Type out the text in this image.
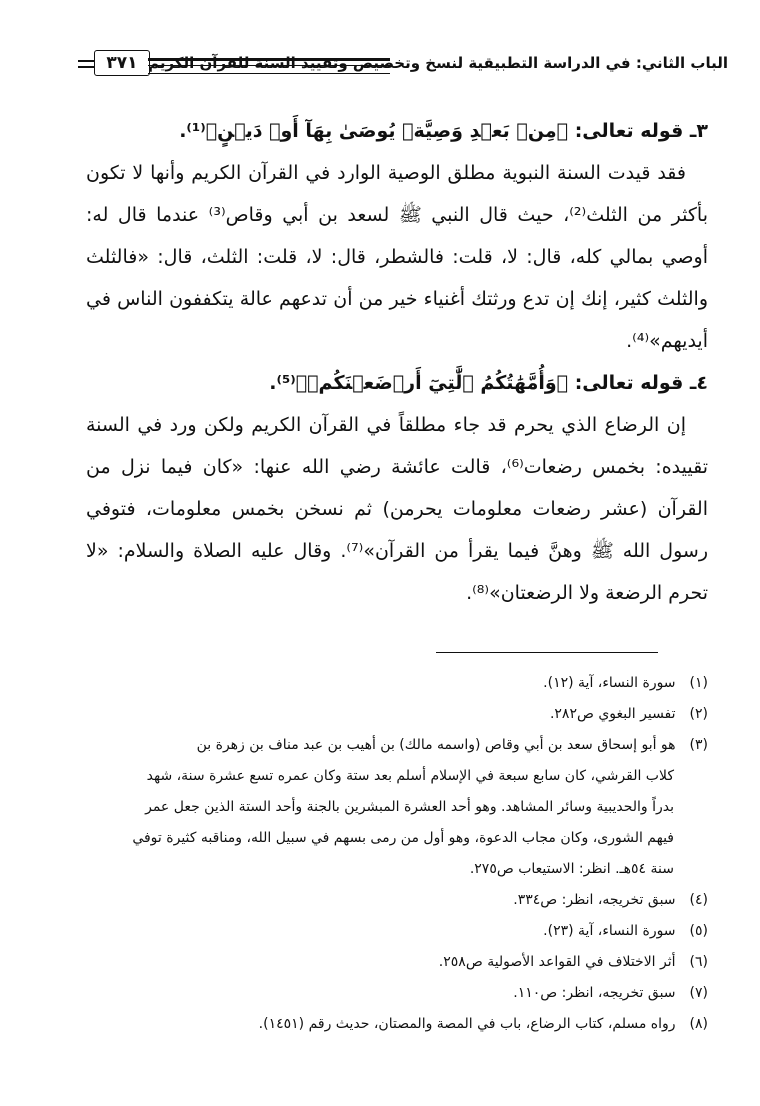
الباب الثاني: في الدراسة التطبيقية لنسخ وتخصيص وتقييد السنة للقرآن الكريم
٣٧١

٣ـ قوله تعالى: ﴿مِنۢ بَعۡدِ وَصِيَّةٖ يُوصَىٰ بِهَآ أَوۡ دَيۡنٍ﴾⁽¹⁾.

فقد قيدت السنة النبوية مطلق الوصية الوارد في القرآن الكريم وأنها لا تكون بأكثر من الثلث⁽²⁾، حيث قال النبي ﷺ لسعد بن أبي وقاص⁽³⁾ عندما قال له: أوصي بمالي كله، قال: لا، قلت: فالشطر، قال: لا، قلت: الثلث، قال: «فالثلث والثلث كثير، إنك إن تدع ورثتك أغنياء خير من أن تدعهم عالة يتكففون الناس في أيديهم»⁽⁴⁾.

٤ـ قوله تعالى: ﴿وَأُمَّهَٰتُكُمُ ٱلَّٰتِيٓ أَرۡضَعۡنَكُمۡ﴾⁽⁵⁾.

إن الرضاع الذي يحرم قد جاء مطلقاً في القرآن الكريم ولكن ورد في السنة تقييده: بخمس رضعات⁽⁶⁾، قالت عائشة رضي الله عنها: «كان فيما نزل من القرآن (عشر رضعات معلومات يحرمن) ثم نسخن بخمس معلومات، فتوفي رسول الله ﷺ وهنَّ فيما يقرأ من القرآن»⁽⁷⁾. وقال عليه الصلاة والسلام: «لا تحرم الرضعة ولا الرضعتان»⁽⁸⁾.

(١) سورة النساء، آية (١٢).

(٢) تفسير البغوي ص٢٨٢.

(٣) هو أبو إسحاق سعد بن أبي وقاص (واسمه مالك) بن أهيب بن عبد مناف بن زهرة بن

كلاب القرشي، كان سابع سبعة في الإسلام أسلم بعد ستة وكان عمره تسع عشرة سنة، شهد

بدراً والحديبية وسائر المشاهد. وهو أحد العشرة المبشرين بالجنة وأحد الستة الذين جعل عمر

فيهم الشورى، وكان مجاب الدعوة، وهو أول من رمى بسهم في سبيل الله، ومناقبه كثيرة توفي

سنة ٥٤هـ. انظر: الاستيعاب ص٢٧٥.

(٤) سبق تخريجه، انظر: ص٣٣٤.

(٥) سورة النساء، آية (٢٣).

(٦) أثر الاختلاف في القواعد الأصولية ص٢٥٨.

(٧) سبق تخريجه، انظر: ص١١٠.

(٨) رواه مسلم، كتاب الرضاع، باب في المصة والمصتان، حديث رقم (١٤٥١).
